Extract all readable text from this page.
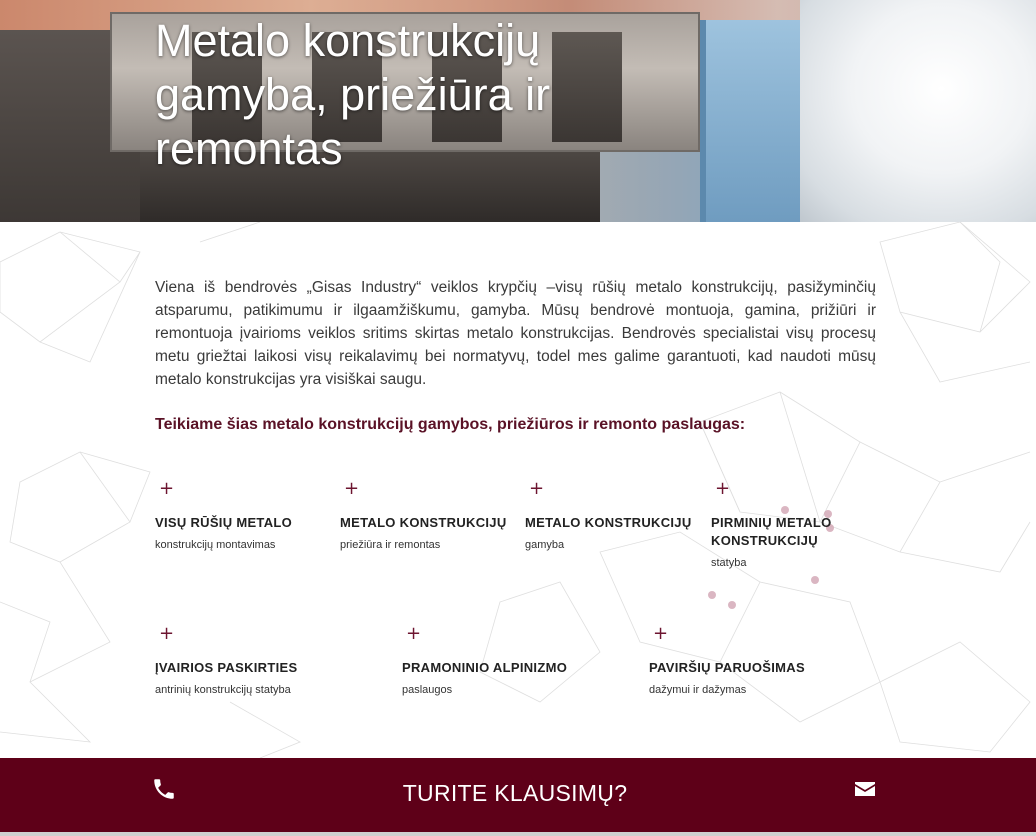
Metalo konstrukcijų gamyba, priežiūra ir remontas

Viena iš bendrovės „Gisas Industry“ veiklos krypčių –visų rūšių metalo konstrukcijų, pasižyminčių atsparumu, patikimumu ir ilgaamžiškumu, gamyba. Mūsų bendrovė montuoja, gamina, prižiūri ir remontuoja įvairioms veiklos sritims skirtas metalo konstrukcijas. Bendrovės specialistai visų procesų metu griežtai laikosi visų reikalavimų bei normatyvų, todel mes galime garantuoti, kad naudoti mūsų metalo konstrukcijas yra visiškai saugu.

Teikiame šias metalo konstrukcijų gamybos, priežiūros ir remonto paslaugas:
+
VISŲ RŪŠIŲ METALO
konstrukcijų montavimas
+
METALO KONSTRUKCIJŲ
priežiūra ir remontas
+
METALO KONSTRUKCIJŲ
gamyba
+
PIRMINIŲ METALO KONSTRUKCIJŲ
statyba
+
ĮVAIRIOS PASKIRTIES
antrinių konstrukcijų statyba
+
PRAMONINIO ALPINIZMO
paslaugos
+
PAVIRŠIŲ PARUOŠIMAS
dažymui ir dažymas
TURITE KLAUSIMŲ?
